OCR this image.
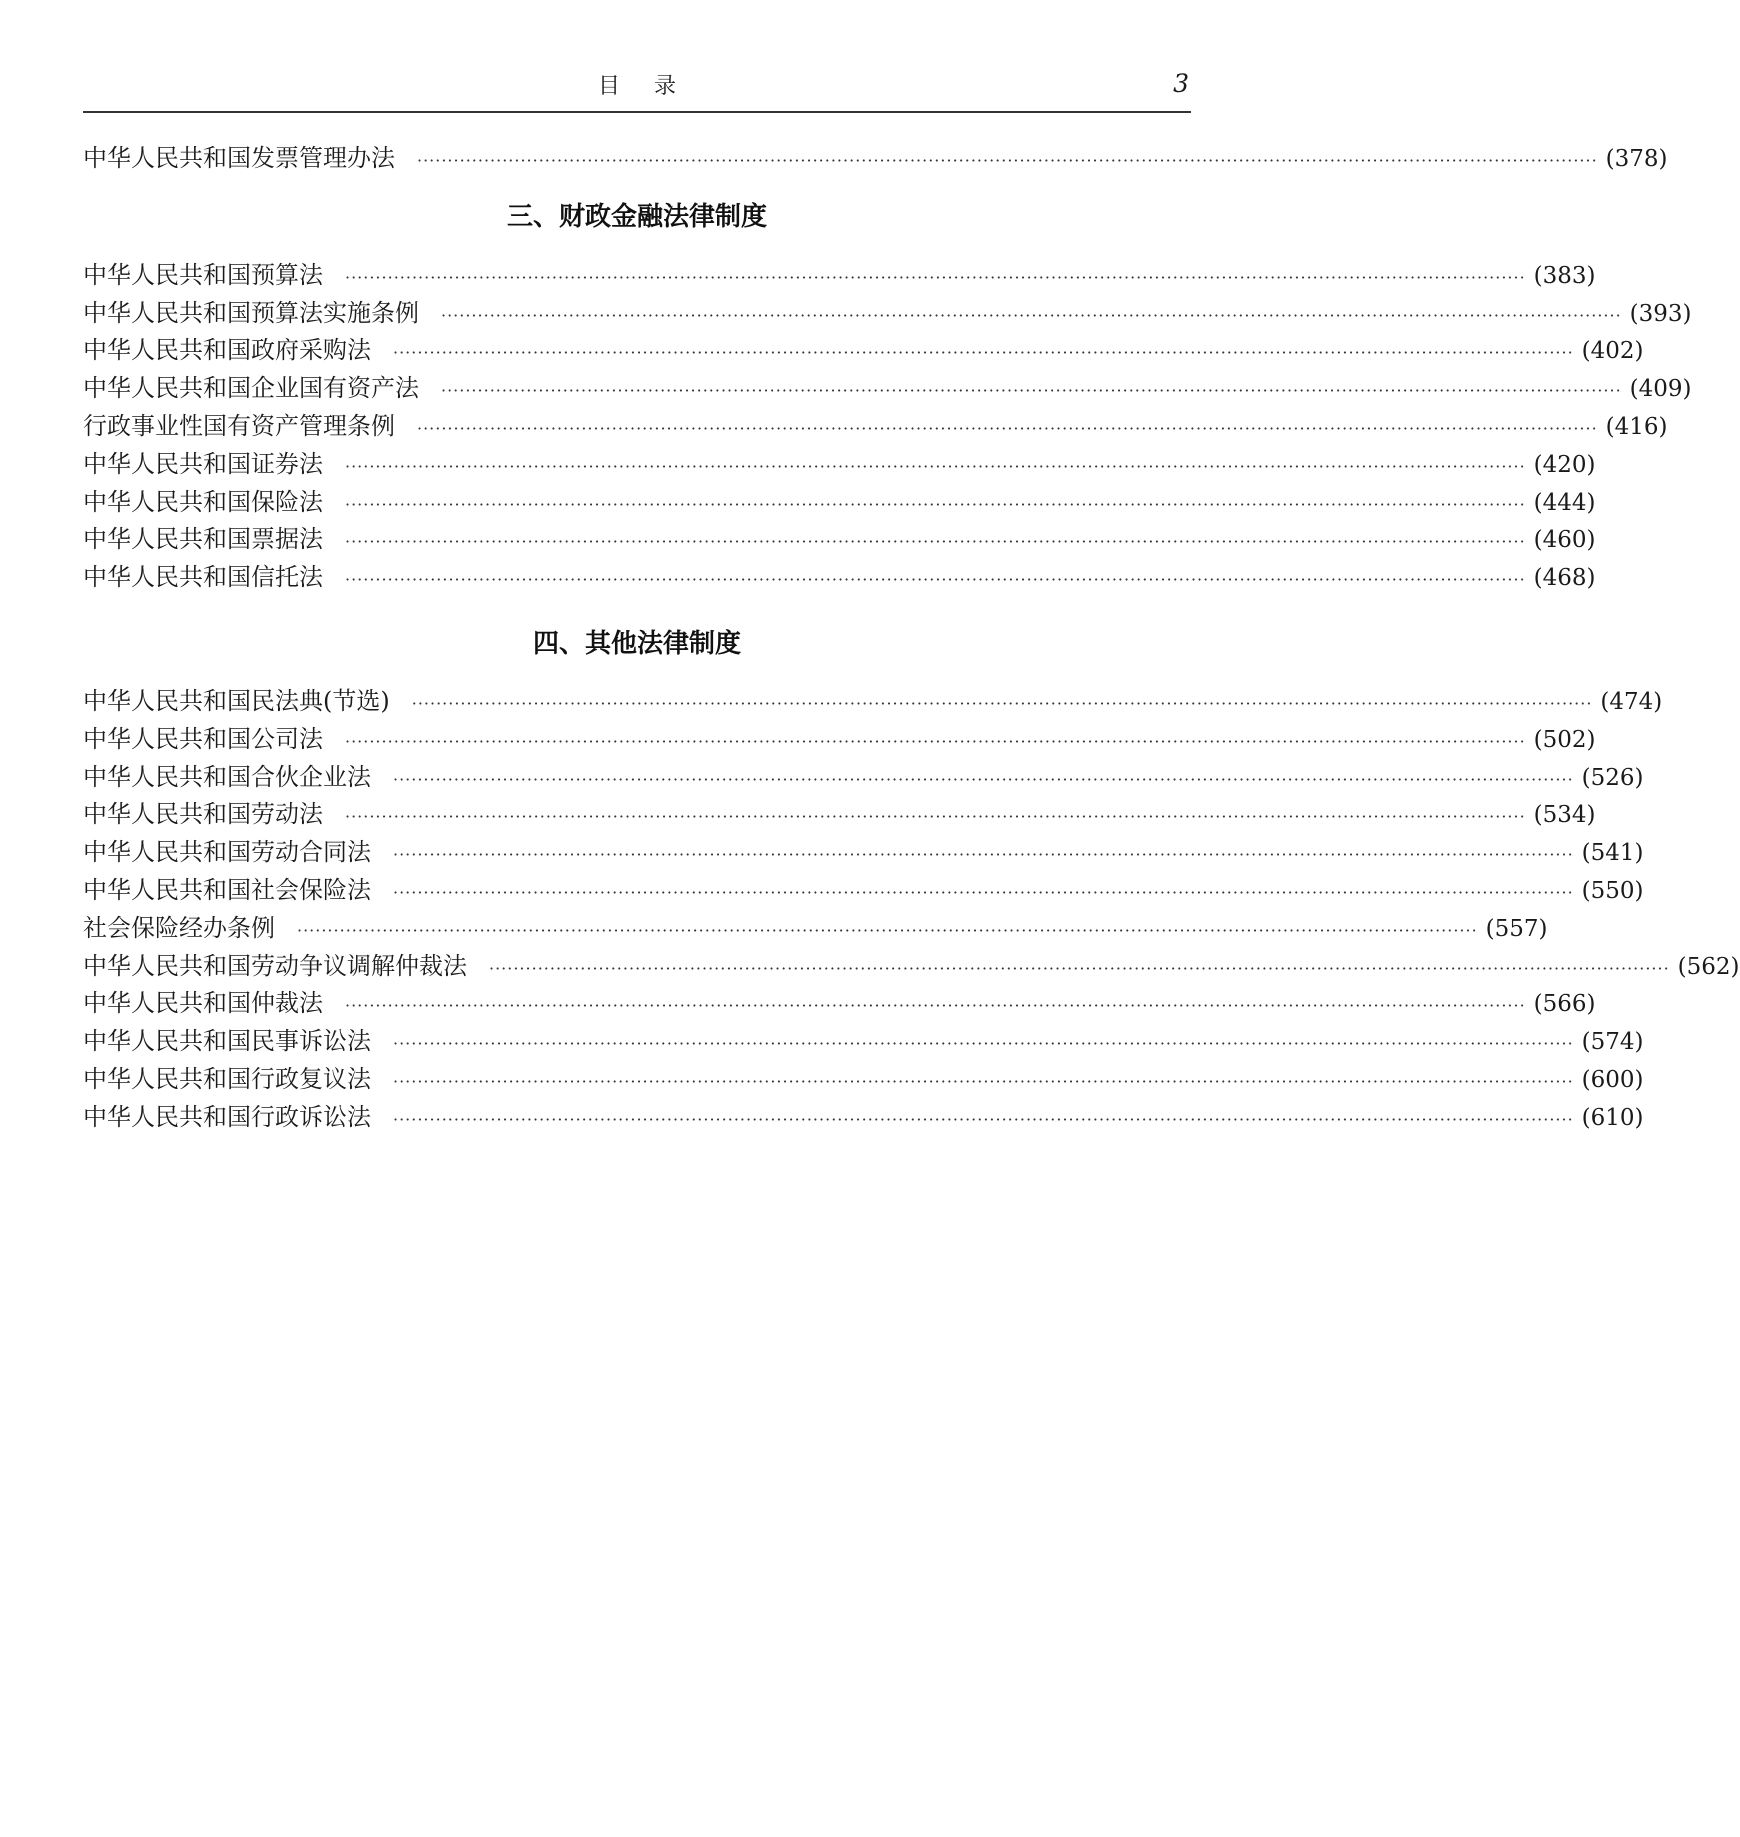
目录	3
中华人民共和国发票管理办法	·································································································································································································· (378)
三、财政金融法律制度
中华人民共和国预算法	·································································································································································································· (383)
中华人民共和国预算法实施条例	·································································································································································································· (393)
中华人民共和国政府采购法	·································································································································································································· (402)
中华人民共和国企业国有资产法	·································································································································································································· (409)
行政事业性国有资产管理条例	·································································································································································································· (416)
中华人民共和国证券法	·································································································································································································· (420)
中华人民共和国保险法	·································································································································································································· (444)
中华人民共和国票据法	·································································································································································································· (460)
中华人民共和国信托法	·································································································································································································· (468)
四、其他法律制度
中华人民共和国民法典(节选)	·································································································································································································· (474)
中华人民共和国公司法	·································································································································································································· (502)
中华人民共和国合伙企业法	·································································································································································································· (526)
中华人民共和国劳动法	·································································································································································································· (534)
中华人民共和国劳动合同法	·································································································································································································· (541)
中华人民共和国社会保险法	·································································································································································································· (550)
社会保险经办条例	·································································································································································································· (557)
中华人民共和国劳动争议调解仲裁法	·································································································································································································· (562)
中华人民共和国仲裁法	·································································································································································································· (566)
中华人民共和国民事诉讼法	·································································································································································································· (574)
中华人民共和国行政复议法	·································································································································································································· (600)
中华人民共和国行政诉讼法	·································································································································································································· (610)
